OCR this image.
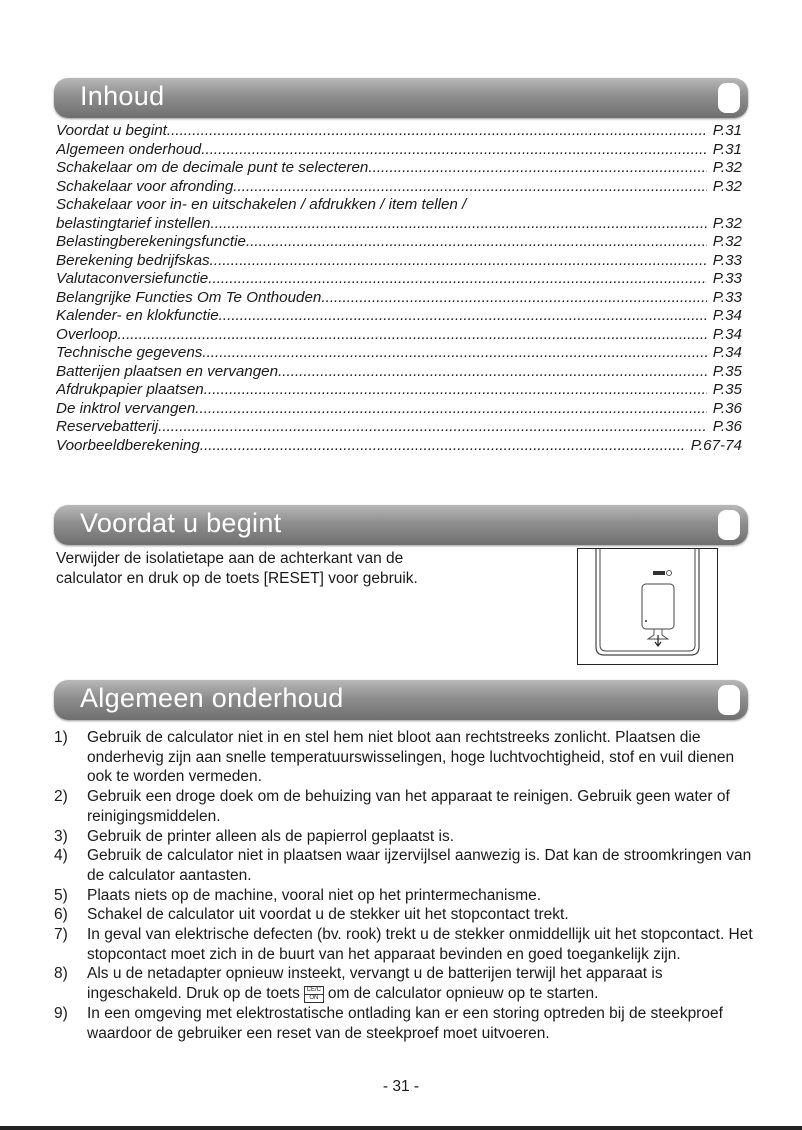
Inhoud
Voordat u begint .....	P.31
Algemeen onderhoud .....	P.31
Schakelaar om de decimale punt te selecteren .....	P.32
Schakelaar voor afronding .....	P.32
Schakelaar voor in- en uitschakelen / afdrukken / item tellen /
belastingtarief instellen .....	P.32
Belastingberekeningsfunctie .....	P.32
Berekening bedrijfskas .....	P.33
Valutaconversiefunctie .....	P.33
Belangrijke Functies Om Te Onthouden .....	P.33
Kalender- en klokfunctie .....	P.34
Overloop .....	P.34
Technische gegevens .....	P.34
Batterijen plaatsen en vervangen .....	P.35
Afdrukpapier plaatsen .....	P.35
De inktrol vervangen .....	P.36
Reservebatterij .....	P.36
Voorbeeldberekening .....	P.67-74
Voordat u begint
Verwijder de isolatietape aan de achterkant van de
calculator en druk op de toets [RESET] voor gebruik.
Algemeen onderhoud
1)	Gebruik de calculator niet in en stel hem niet bloot aan rechtstreeks zonlicht. Plaatsen die onderhevig zijn aan snelle temperatuurswisselingen, hoge luchtvochtigheid, stof en vuil dienen ook te worden vermeden.
2)	Gebruik een droge doek om de behuizing van het apparaat te reinigen. Gebruik geen water of reinigingsmiddelen.
3)	Gebruik de printer alleen als de papierrol geplaatst is.
4)	Gebruik de calculator niet in plaatsen waar ijzervijlsel aanwezig is. Dat kan de stroomkringen van de calculator aantasten.
5)	Plaats niets op de machine, vooral niet op het printermechanisme.
6)	Schakel de calculator uit voordat u de stekker uit het stopcontact trekt.
7)	In geval van elektrische defecten (bv. rook) trekt u de stekker onmiddellijk uit het stopcontact. Het stopcontact moet zich in de buurt van het apparaat bevinden en goed toegankelijk zijn.
8)	Als u de netadapter opnieuw insteekt, vervangt u de batterijen terwijl het apparaat is ingeschakeld. Druk op de toets $\frac{CE/C}{ON}$ om de calculator opnieuw op te starten.
9)	In een omgeving met elektrostatische ontlading kan er een storing optreden bij de steekproef waardoor de gebruiker een reset van de steekproef moet uitvoeren.
- 31 -
